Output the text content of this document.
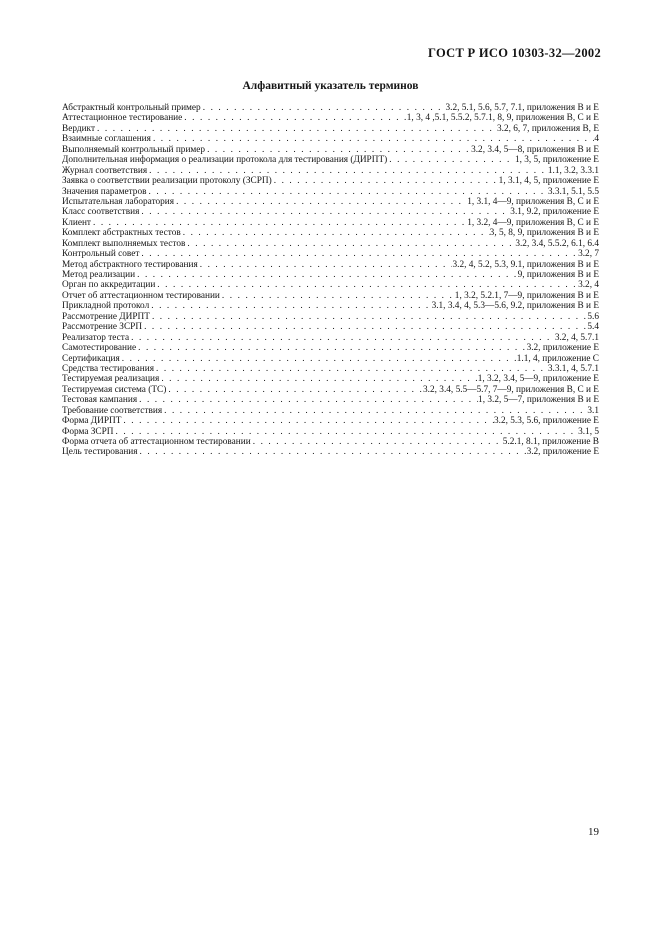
ГОСТ Р ИСО 10303-32—2002
Алфавитный указатель терминов
Абстрактный контрольный пример . . .	3.2, 5.1, 5.6, 5.7, 7.1, приложения В и Е
Аттестационное тестирование . . .	1, 3, 4 ,5.1, 5.5.2, 5.7.1, 8, 9, приложения В, С и Е
Вердикт . . .	3.2, 6, 7, приложения В, Е
Взаимные соглашения . . .	4
Выполняемый контрольный пример . . .	3.2, 3.4, 5—8, приложения В и Е
Дополнительная информация о реализации протокола для тестирования (ДИРПТ) . . .	1, 3, 5, приложение Е
Журнал соответствия . . .	1.1, 3.2, 3.3.1
Заявка о соответствии реализации протоколу (ЗСРП) . . .	1, 3.1, 4, 5, приложение Е
Значения параметров . . .	3.3.1, 5.1, 5.5
Испытательная лаборатория . . .	1, 3.1, 4—9, приложения В, С и Е
Класс соответствия . . .	3.1, 9.2, приложение Е
Клиент . . .	1, 3.2, 4—9, приложения В, С и Е
Комплект абстрактных тестов . . .	3, 5, 8, 9, приложения В и Е
Комплект выполняемых тестов . . .	3.2, 3.4, 5.5.2, 6.1, 6.4
Контрольный совет . . .	3.2, 7
Метод абстрактного тестирования . . .	3.2, 4, 5.2, 5.3, 9.1, приложения В и Е
Метод реализации . . .	9, приложения В и Е
Орган по аккредитации . . .	3.2, 4
Отчет об аттестационном тестировании . . .	1, 3.2, 5.2.1, 7—9, приложения В и Е
Прикладной протокол . . .	3.1, 3.4, 4, 5.3—5.6, 9.2, приложения В и Е
Рассмотрение ДИРПТ . . .	5.6
Рассмотрение ЗСРП . . .	5.4
Реализатор теста . . .	3.2, 4, 5.7.1
Самотестирование . . .	3.2, приложение Е
Сертификация . . .	1.1, 4, приложение С
Средства тестирования . . .	3.3.1, 4, 5.7.1
Тестируемая реализация . . .	1, 3.2, 3.4, 5—9, приложение Е
Тестируемая система (ТС) . . .	3.2, 3.4, 5.5—5.7, 7—9, приложения В, С и Е
Тестовая кампания . . .	1, 3.2, 5—7, приложения В и Е
Требование соответствия . . .	3.1
Форма ДИРПТ . . .	3.2, 5.3, 5.6, приложение Е
Форма ЗСРП . . .	3.1, 5
Форма отчета об аттестационном тестировании . . .	5.2.1, 8.1, приложение В
Цель тестирования . . .	3.2, приложение Е
19
